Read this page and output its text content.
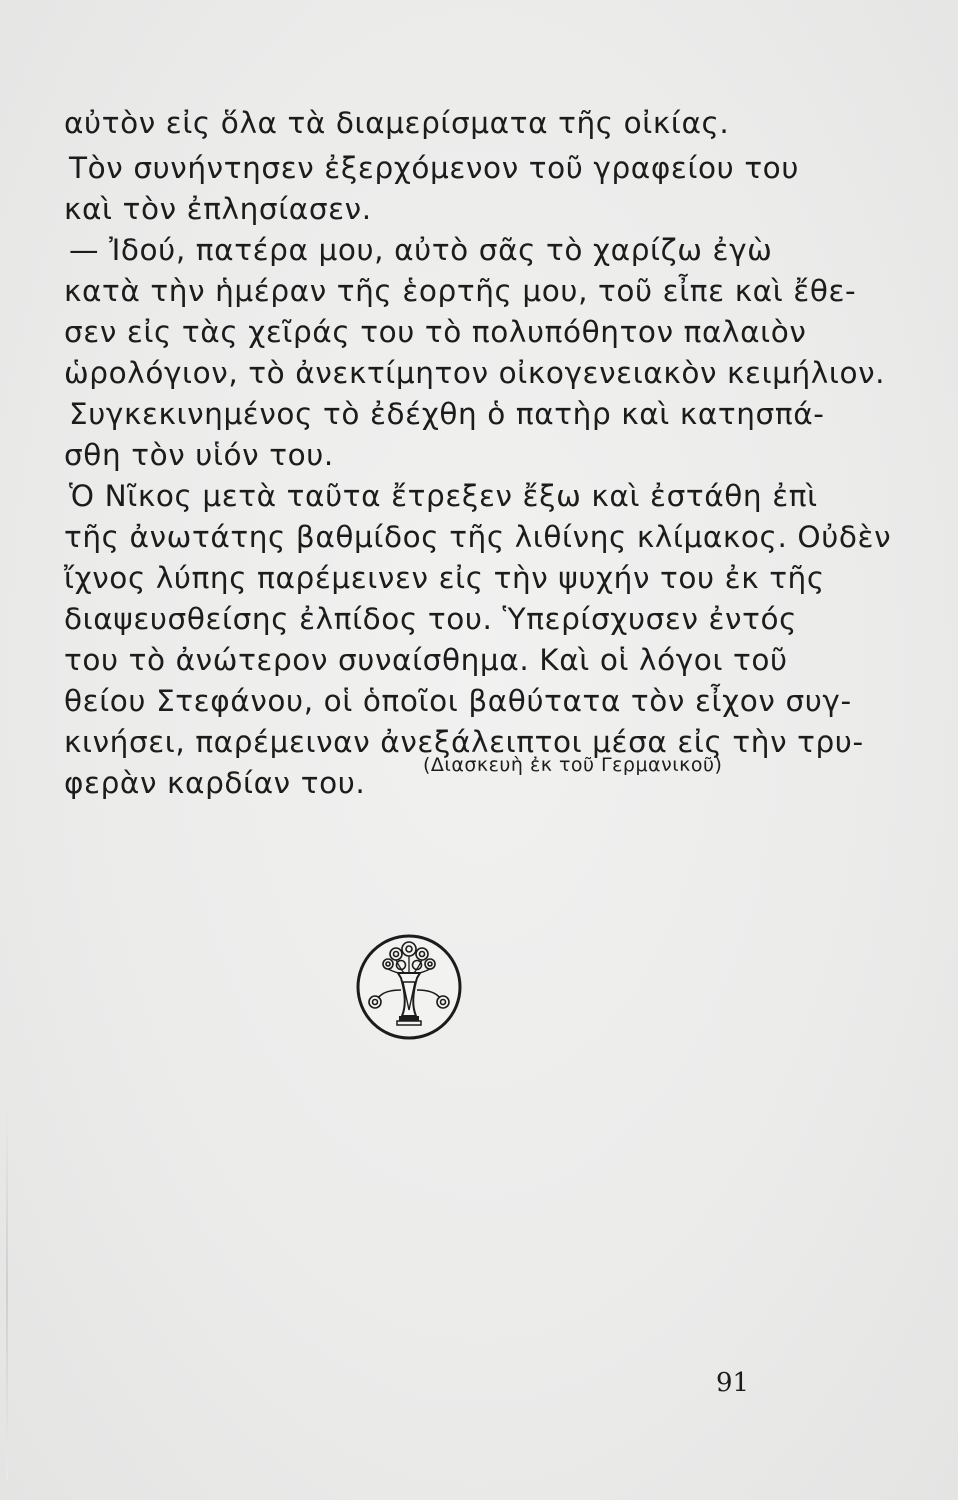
αὐτὸν εἰς ὅλα τὰ διαμερίσματα τῆς οἰκίας.
Τὸν συνήντησεν ἐξερχόμενον τοῦ γραφείου του
καὶ τὸν ἐπλησίασεν.
— Ἰδού, πατέρα μου, αὐτὸ σᾶς τὸ χαρίζω ἐγὼ
κατὰ τὴν ἡμέραν τῆς ἑορτῆς μου, τοῦ εἶπε καὶ ἔθε-
σεν εἰς τὰς χεῖράς του τὸ πολυπόθητον παλαιὸν
ὡρολόγιον, τὸ ἀνεκτίμητον οἰκογενειακὸν κειμήλιον.
Συγκεκινημένος τὸ ἐδέχθη ὁ πατὴρ καὶ κατησπά-
σθη τὸν υἱόν του.
Ὁ Νῖκος μετὰ ταῦτα ἔτρεξεν ἔξω καὶ ἐστάθη ἐπὶ
τῆς ἀνωτάτης βαθμίδος τῆς λιθίνης κλίμακος. Οὐδὲν
ἴχνος λύπης παρέμεινεν εἰς τὴν ψυχήν του ἐκ τῆς
διαψευσθείσης ἐλπίδος του. Ὑπερίσχυσεν ἐντός
του τὸ ἀνώτερον συναίσθημα. Καὶ οἱ λόγοι τοῦ
θείου Στεφάνου, οἱ ὁποῖοι βαθύτατα τὸν εἶχον συγ-
κινήσει, παρέμειναν ἀνεξάλειπτοι μέσα εἰς τὴν τρυ-
φερὰν καρδίαν του.
(Διασκευὴ ἐκ τοῦ Γερμανικοῦ)
91
